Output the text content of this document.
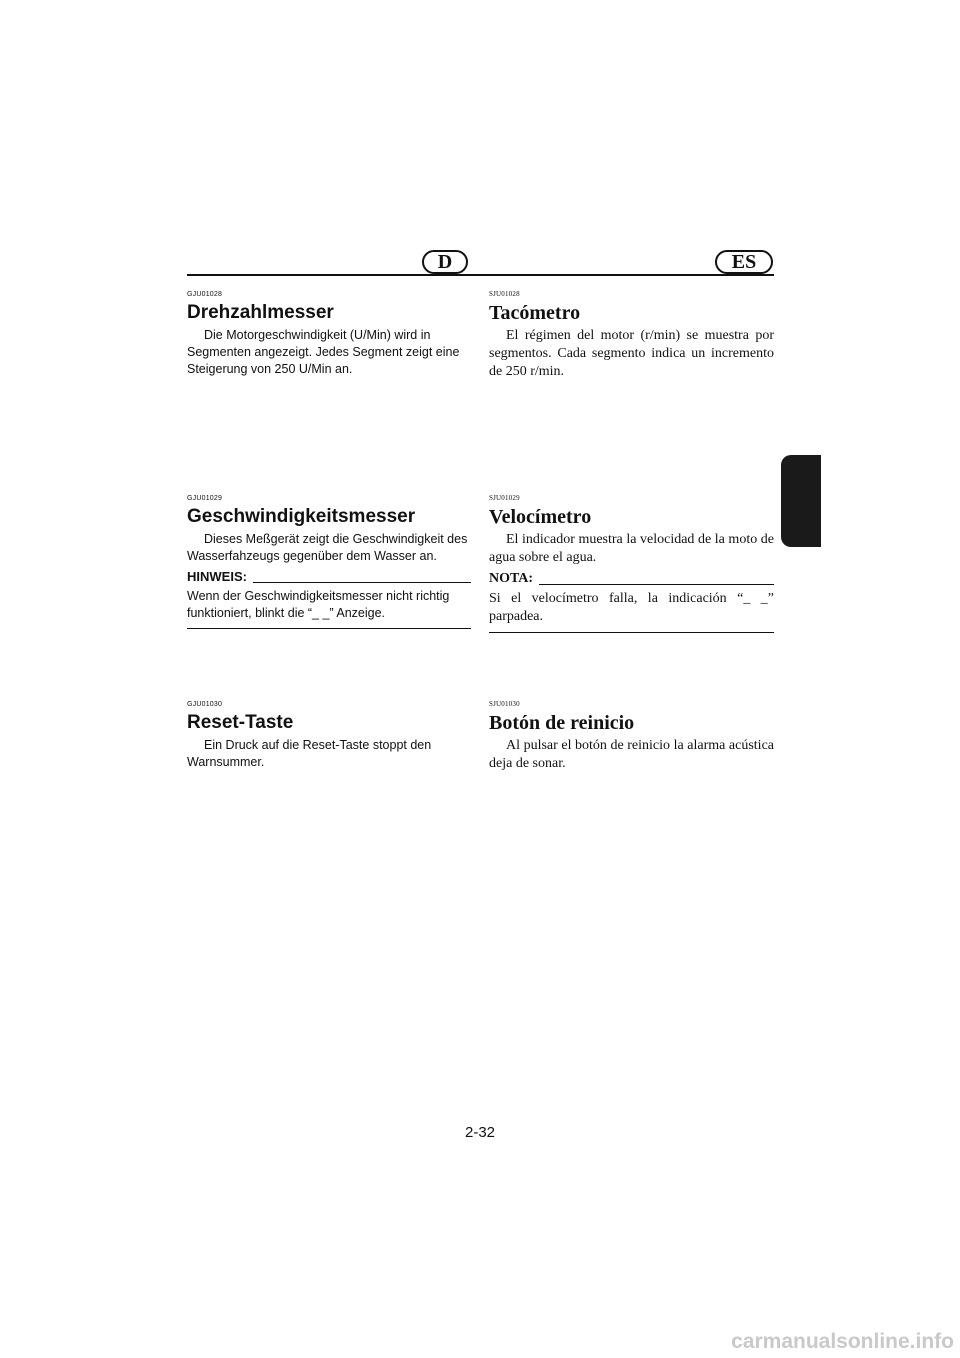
D	ES

GJU01028

Drehzahlmesser

Die Motorgeschwindigkeit (U/Min) wird in Segmenten angezeigt. Jedes Segment zeigt eine Steigerung von 250 U/Min an.

GJU01029

Geschwindigkeitsmesser

Dieses Meßgerät zeigt die Geschwindigkeit des Wasserfahzeugs gegenüber dem Wasser an.

HINWEIS:

Wenn der Geschwindigkeitsmesser nicht richtig funktioniert, blinkt die “_ _” Anzeige.

GJU01030

Reset-Taste

Ein Druck auf die Reset-Taste stoppt den Warnsummer.

SJU01028

Tacómetro

El régimen del motor (r/min) se muestra por segmentos. Cada segmento indica un incremento de 250 r/min.

SJU01029

Velocímetro

El indicador muestra la velocidad de la moto de agua sobre el agua.

NOTA:

Si el velocímetro falla, la indicación “_ _” parpadea.

SJU01030

Botón de reinicio

Al pulsar el botón de reinicio la alarma acústica deja de sonar.

2-32
carmanualsonline.info
